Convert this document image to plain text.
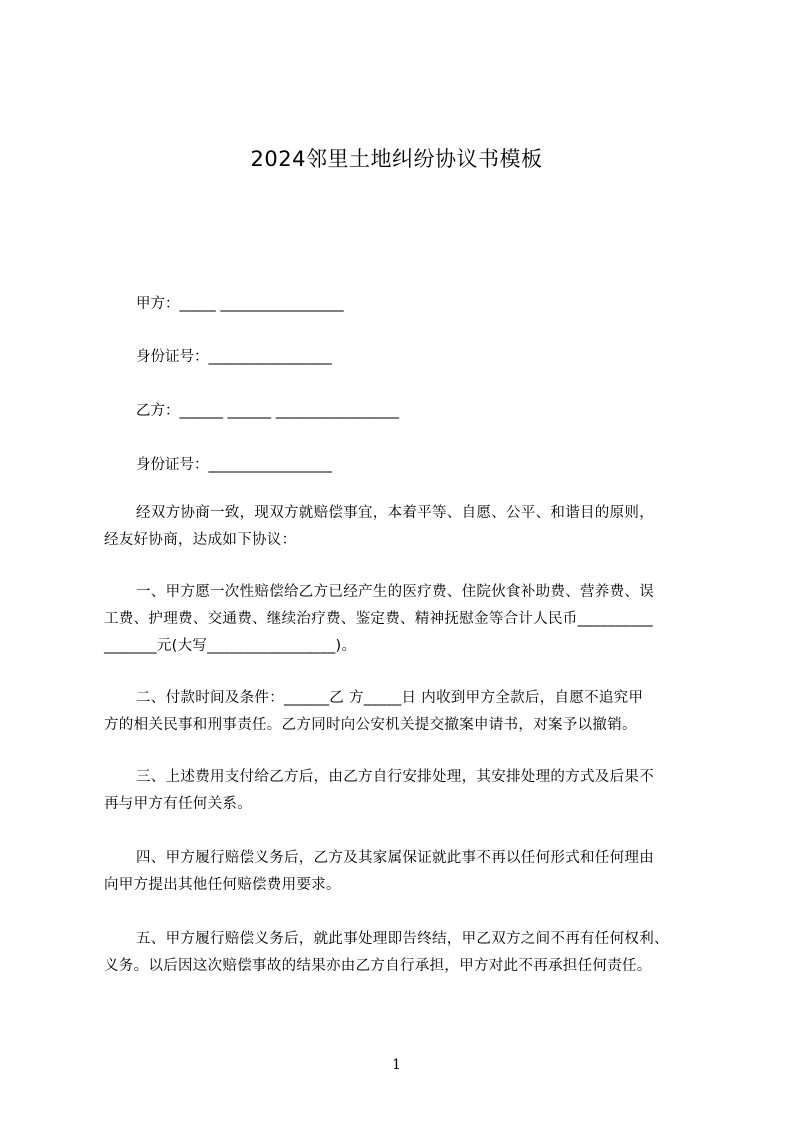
2024邻里土地纠纷协议书模板
甲方：_____ _________________
身份证号：_________________
乙方：______ ______ _________________
身份证号：_________________

经双方协商一致，现双方就赔偿事宜，本着平等、自愿、公平、和谐目的原则，
经友好协商，达成如下协议：

一、甲方愿一次性赔偿给乙方已经产生的医疗费、住院伙食补助费、营养费、误
工费、护理费、交通费、继续治疗费、鉴定费、精神抚慰金等合计人民币__________
_______元(大写_________________)。

二、付款时间及条件：______乙 方_____日 内收到甲方全款后，自愿不追究甲
方的相关民事和刑事责任。乙方同时向公安机关提交撤案申请书，对案予以撤销。

三、上述费用支付给乙方后，由乙方自行安排处理，其安排处理的方式及后果不
再与甲方有任何关系。

四、甲方履行赔偿义务后，乙方及其家属保证就此事不再以任何形式和任何理由
向甲方提出其他任何赔偿费用要求。

五、甲方履行赔偿义务后，就此事处理即告终结，甲乙双方之间不再有任何权利、
义务。以后因这次赔偿事故的结果亦由乙方自行承担，甲方对此不再承担任何责任。

1
